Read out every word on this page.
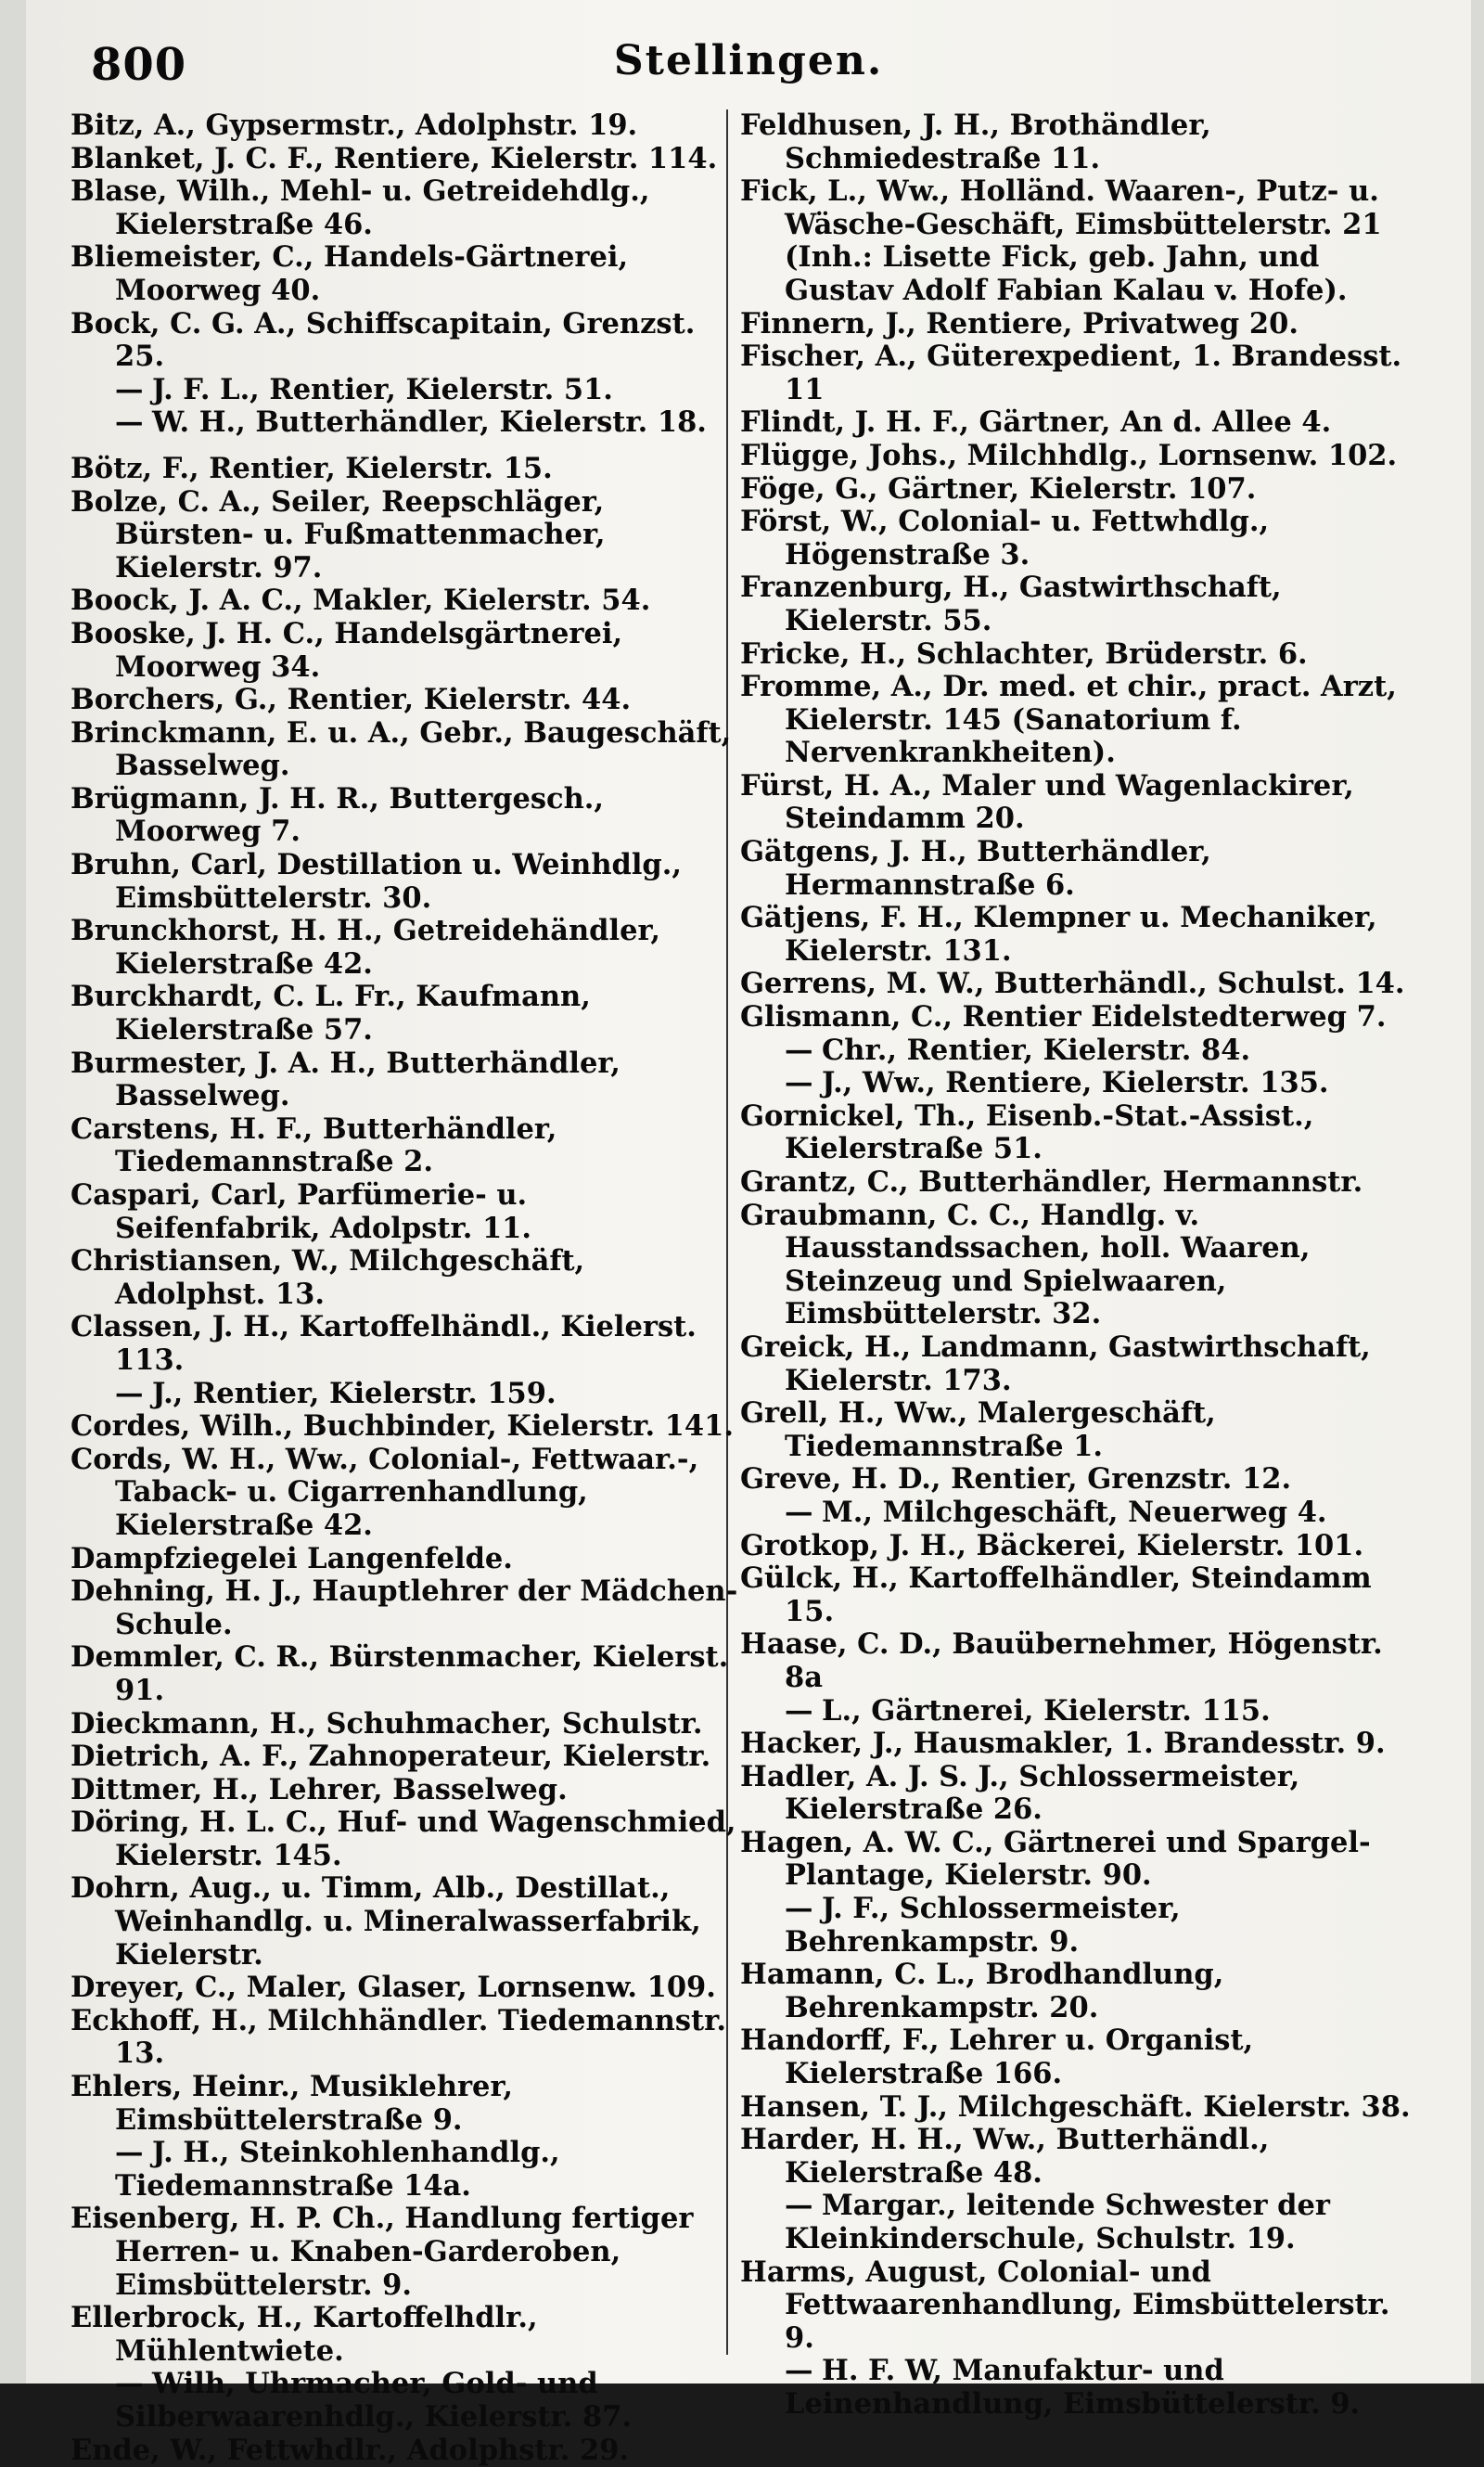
800	Stellingen.
Bitz, A., Gypsermstr., Adolphstr. 19.
Blanket, J. C. F., Rentiere, Kielerstr. 114.
Blase, Wilh., Mehl- u. Getreidehdlg., Kielerstraße 46.
Bliemeister, C., Handels-Gärtnerei, Moorweg 40.
Bock, C. G. A., Schiffscapitain, Grenzst. 25.
— J. F. L., Rentier, Kielerstr. 51.
— W. H., Butterhändler, Kielerstr. 18.
Bötz, F., Rentier, Kielerstr. 15.
Bolze, C. A., Seiler, Reepschläger, Bürsten- u. Fußmattenmacher, Kielerstr. 97.
Boock, J. A. C., Makler, Kielerstr. 54.
Booske, J. H. C., Handelsgärtnerei, Moorweg 34.
Borchers, G., Rentier, Kielerstr. 44.
Brinckmann, E. u. A., Gebr., Baugeschäft, Basselweg.
Brügmann, J. H. R., Buttergesch., Moorweg 7.
Bruhn, Carl, Destillation u. Weinhdlg., Eimsbüttelerstr. 30.
Brunckhorst, H. H., Getreidehändler, Kielerstraße 42.
Burckhardt, C. L. Fr., Kaufmann, Kielerstraße 57.
Burmester, J. A. H., Butterhändler, Basselweg.
Carstens, H. F., Butterhändler, Tiedemannstraße 2.
Caspari, Carl, Parfümerie- u. Seifenfabrik, Adolpstr. 11.
Christiansen, W., Milchgeschäft, Adolphst. 13.
Classen, J. H., Kartoffelhändl., Kielerst. 113.
— J., Rentier, Kielerstr. 159.
Cordes, Wilh., Buchbinder, Kielerstr. 141.
Cords, W. H., Ww., Colonial-, Fettwaar.-, Taback- u. Cigarrenhandlung, Kielerstraße 42.
Dampfziegelei Langenfelde.
Dehning, H. J., Hauptlehrer der Mädchen-Schule.
Demmler, C. R., Bürstenmacher, Kielerst. 91.
Dieckmann, H., Schuhmacher, Schulstr.
Dietrich, A. F., Zahnoperateur, Kielerstr.
Dittmer, H., Lehrer, Basselweg.
Döring, H. L. C., Huf- und Wagenschmied, Kielerstr. 145.
Dohrn, Aug., u. Timm, Alb., Destillat., Weinhandlg. u. Mineralwasserfabrik, Kielerstr.
Dreyer, C., Maler, Glaser, Lornsenw. 109.
Eckhoff, H., Milchhändler. Tiedemannstr. 13.
Ehlers, Heinr., Musiklehrer, Eimsbüttelerstraße 9.
— J. H., Steinkohlenhandlg., Tiedemannstraße 14a.
Eisenberg, H. P. Ch., Handlung fertiger Herren- u. Knaben-Garderoben, Eimsbüttelerstr. 9.
Ellerbrock, H., Kartoffelhdlr., Mühlentwiete.
— Wilh, Uhrmacher, Gold- und Silberwaarenhdlg., Kielerstr. 87.
Ende, W., Fettwhdlr., Adolphstr. 29.
Feldhusen, J. H., Brothändler, Schmiedestraße 11.
Fick, L., Ww., Holländ. Waaren-, Putz- u. Wäsche-Geschäft, Eimsbüttelerstr. 21 (Inh.: Lisette Fick, geb. Jahn, und Gustav Adolf Fabian Kalau v. Hofe).
Finnern, J., Rentiere, Privatweg 20.
Fischer, A., Güterexpedient, 1. Brandesst. 11
Flindt, J. H. F., Gärtner, An d. Allee 4.
Flügge, Johs., Milchhdlg., Lornsenw. 102.
Föge, G., Gärtner, Kielerstr. 107.
Först, W., Colonial- u. Fettwhdlg., Högenstraße 3.
Franzenburg, H., Gastwirthschaft, Kielerstr. 55.
Fricke, H., Schlachter, Brüderstr. 6.
Fromme, A., Dr. med. et chir., pract. Arzt, Kielerstr. 145 (Sanatorium f. Nervenkrankheiten).
Fürst, H. A., Maler und Wagenlackirer, Steindamm 20.
Gätgens, J. H., Butterhändler, Hermannstraße 6.
Gätjens, F. H., Klempner u. Mechaniker, Kielerstr. 131.
Gerrens, M. W., Butterhändl., Schulst. 14.
Glismann, C., Rentier Eidelstedterweg 7.
— Chr., Rentier, Kielerstr. 84.
— J., Ww., Rentiere, Kielerstr. 135.
Gornickel, Th., Eisenb.-Stat.-Assist., Kielerstraße 51.
Grantz, C., Butterhändler, Hermannstr.
Graubmann, C. C., Handlg. v. Hausstandssachen, holl. Waaren, Steinzeug und Spielwaaren, Eimsbüttelerstr. 32.
Greick, H., Landmann, Gastwirthschaft, Kielerstr. 173.
Grell, H., Ww., Malergeschäft, Tiedemannstraße 1.
Greve, H. D., Rentier, Grenzstr. 12.
— M., Milchgeschäft, Neuerweg 4.
Grotkop, J. H., Bäckerei, Kielerstr. 101.
Gülck, H., Kartoffelhändler, Steindamm 15.
Haase, C. D., Bauübernehmer, Högenstr. 8a
— L., Gärtnerei, Kielerstr. 115.
Hacker, J., Hausmakler, 1. Brandesstr. 9.
Hadler, A. J. S. J., Schlossermeister, Kielerstraße 26.
Hagen, A. W. C., Gärtnerei und Spargel-Plantage, Kielerstr. 90.
— J. F., Schlossermeister, Behrenkampstr. 9.
Hamann, C. L., Brodhandlung, Behrenkampstr. 20.
Handorff, F., Lehrer u. Organist, Kielerstraße 166.
Hansen, T. J., Milchgeschäft. Kielerstr. 38.
Harder, H. H., Ww., Butterhändl., Kielerstraße 48.
— Margar., leitende Schwester der Kleinkinderschule, Schulstr. 19.
Harms, August, Colonial- und Fettwaarenhandlung, Eimsbüttelerstr. 9.
— H. F. W, Manufaktur- und Leinenhandlung, Eimsbüttelerstr. 9.
